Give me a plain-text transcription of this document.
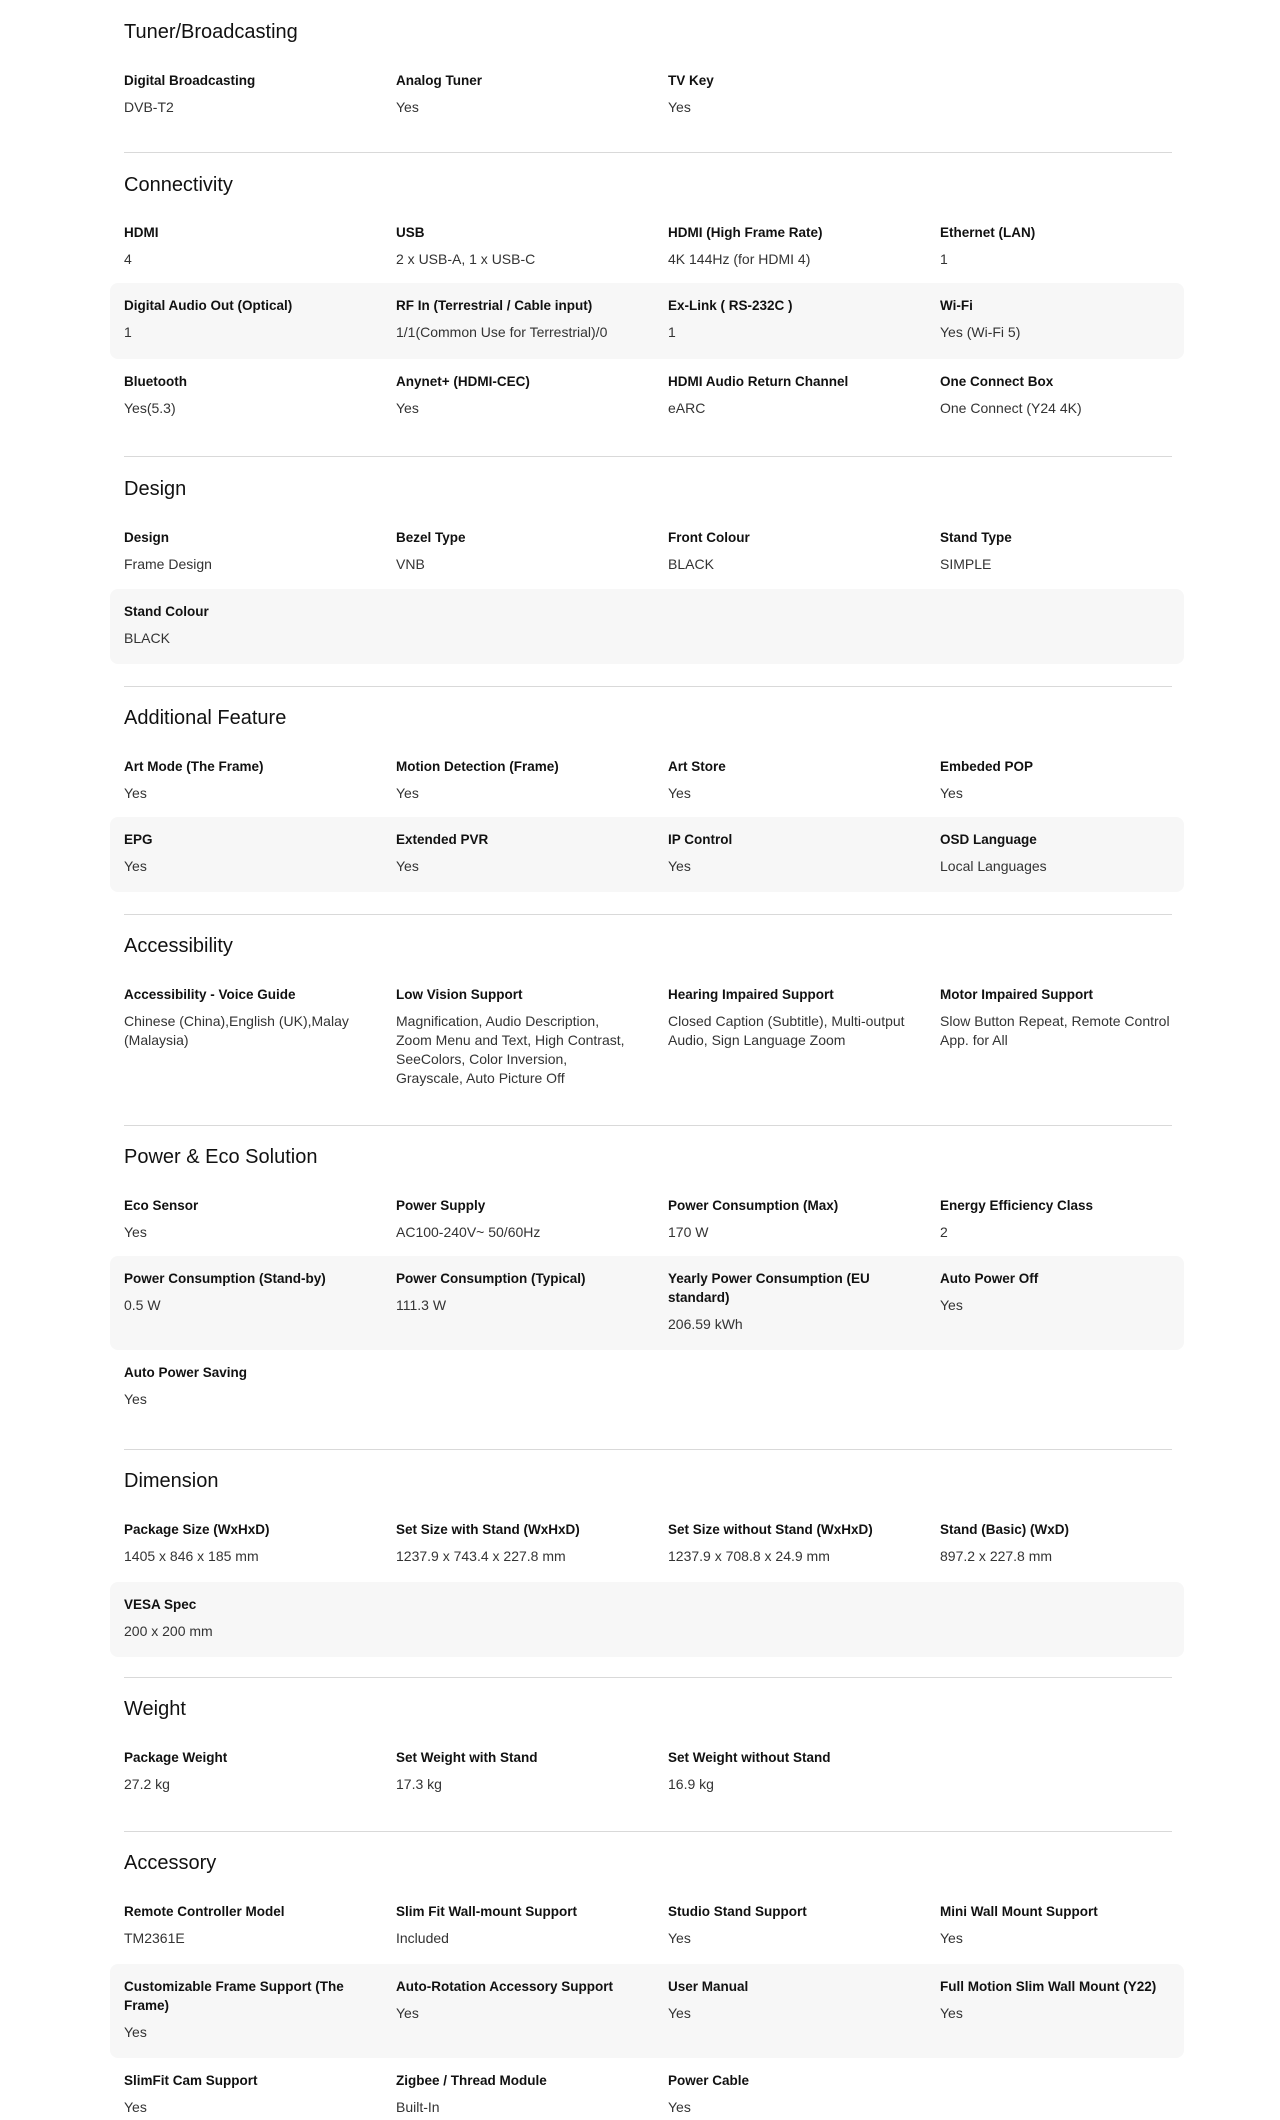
Tuner/Broadcasting
Digital Broadcasting
DVB-T2
Analog Tuner
Yes
TV Key
Yes
Connectivity
HDMI
4
USB
2 x USB-A, 1 x USB-C
HDMI (High Frame Rate)
4K 144Hz (for HDMI 4)
Ethernet (LAN)
1
Digital Audio Out (Optical)
1
RF In (Terrestrial / Cable input)
1/1(Common Use for Terrestrial)/0
Ex-Link ( RS-232C )
1
Wi-Fi
Yes (Wi-Fi 5)
Bluetooth
Yes(5.3)
Anynet+ (HDMI-CEC)
Yes
HDMI Audio Return Channel
eARC
One Connect Box
One Connect (Y24 4K)
Design
Design
Frame Design
Bezel Type
VNB
Front Colour
BLACK
Stand Type
SIMPLE
Stand Colour
BLACK
Additional Feature
Art Mode (The Frame)
Yes
Motion Detection (Frame)
Yes
Art Store
Yes
Embeded POP
Yes
EPG
Yes
Extended PVR
Yes
IP Control
Yes
OSD Language
Local Languages
Accessibility
Accessibility - Voice Guide
Chinese (China),English (UK),Malay (Malaysia)
Low Vision Support
Magnification, Audio Description, Zoom Menu and Text, High Contrast, SeeColors, Color Inversion, Grayscale, Auto Picture Off
Hearing Impaired Support
Closed Caption (Subtitle), Multi-output Audio, Sign Language Zoom
Motor Impaired Support
Slow Button Repeat, Remote Control App. for All
Power & Eco Solution
Eco Sensor
Yes
Power Supply
AC100-240V~ 50/60Hz
Power Consumption (Max)
170 W
Energy Efficiency Class
2
Power Consumption (Stand-by)
0.5 W
Power Consumption (Typical)
111.3 W
Yearly Power Consumption (EU standard)
206.59 kWh
Auto Power Off
Yes
Auto Power Saving
Yes
Dimension
Package Size (WxHxD)
1405 x 846 x 185 mm
Set Size with Stand (WxHxD)
1237.9 x 743.4 x 227.8 mm
Set Size without Stand (WxHxD)
1237.9 x 708.8 x 24.9 mm
Stand (Basic) (WxD)
897.2 x 227.8 mm
VESA Spec
200 x 200 mm
Weight
Package Weight
27.2 kg
Set Weight with Stand
17.3 kg
Set Weight without Stand
16.9 kg
Accessory
Remote Controller Model
TM2361E
Slim Fit Wall-mount Support
Included
Studio Stand Support
Yes
Mini Wall Mount Support
Yes
Customizable Frame Support (The Frame)
Yes
Auto-Rotation Accessory Support
Yes
User Manual
Yes
Full Motion Slim Wall Mount (Y22)
Yes
SlimFit Cam Support
Yes
Zigbee / Thread Module
Built-In
Power Cable
Yes
